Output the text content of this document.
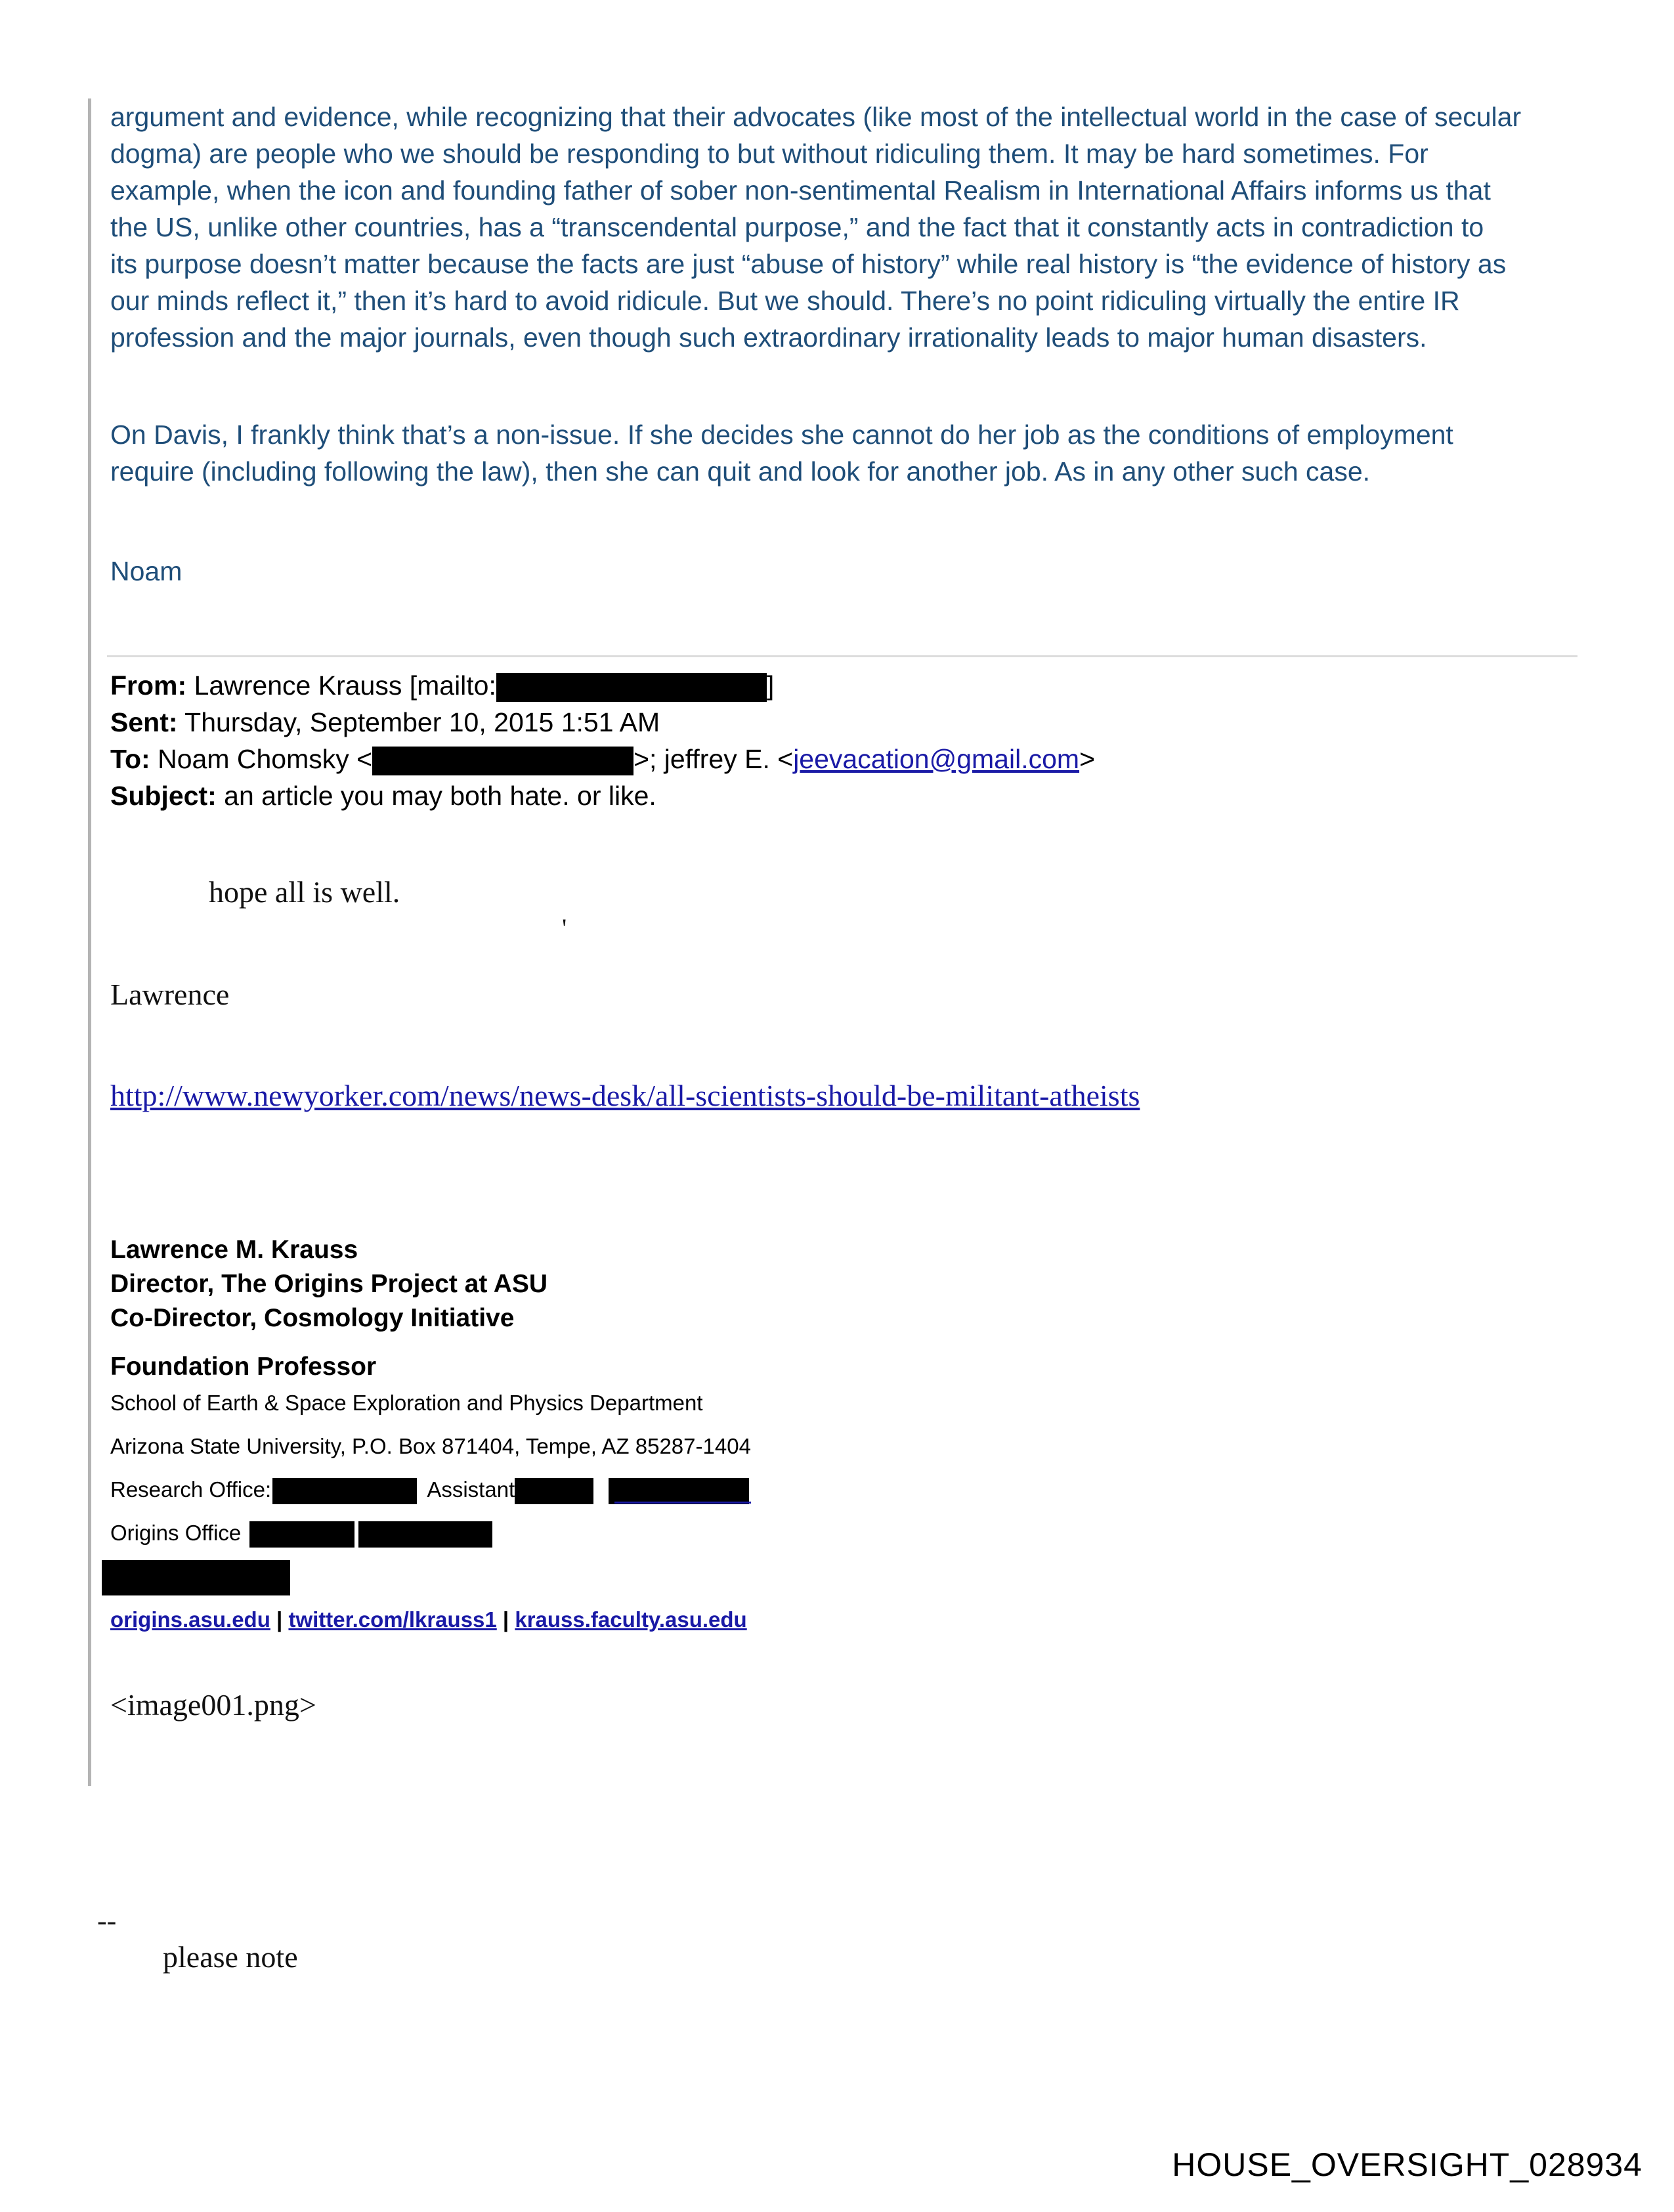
argument and evidence, while recognizing that their advocates (like most of the intellectual world in the case of secular
dogma) are people who we should be responding to but without ridiculing them. It may be hard sometimes. For
example, when the icon and founding father of sober non-sentimental Realism in International Affairs informs us that
the US, unlike other countries, has a “transcendental purpose,” and the fact that it constantly acts in contradiction to
its purpose doesn’t matter because the facts are just “abuse of history” while real history is “the evidence of history as
our minds reflect it,” then it’s hard to avoid ridicule. But we should. There’s no point ridiculing virtually the entire IR
profession and the major journals, even though such extraordinary irrationality leads to major human disasters.
On Davis, I frankly think that’s a non-issue. If she decides she cannot do her job as the conditions of employment
require (including following the law), then she can quit and look for another job. As in any other such case.
Noam
From: Lawrence Krauss [mailto:	]
Sent: Thursday, September 10, 2015 1:51 AM
To: Noam Chomsky <	>; jeffrey E. <jeevacation@gmail.com>
Subject: an article you may both hate. or like.
hope all is well.
'
Lawrence
http://www.newyorker.com/news/news-desk/all-scientists-should-be-militant-atheists
Lawrence M. Krauss
Director, The Origins Project at ASU
Co-Director, Cosmology Initiative
Foundation Professor
School of Earth & Space Exploration and Physics Department
Arizona State University, P.O. Box 871404, Tempe, AZ 85287-1404
Research Office:	Assistant
Origins Office
origins.asu.edu | twitter.com/lkrauss1 | krauss.faculty.asu.edu
<image001.png>
--
please note
HOUSE_OVERSIGHT_028934
